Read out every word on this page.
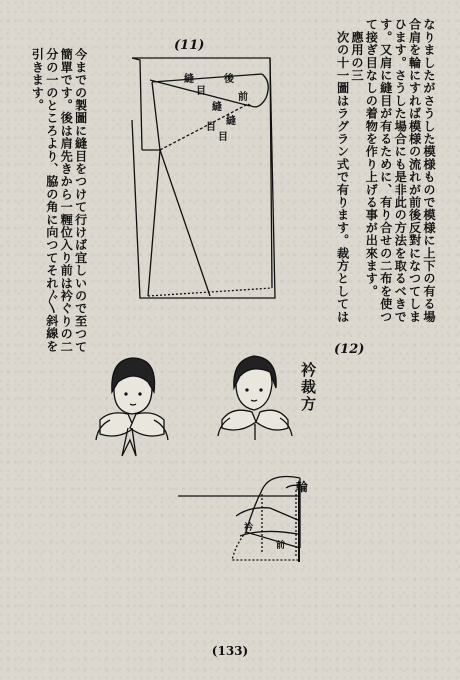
なりましたがさうした模様もので模様に上下の有る場
合肩を輪にすれば模様の流れが前後反對になつてしま
ひます。さうした場合にも是非此の方法を取るべきで
す。又肩に縫目が有るために、有り合せの二布を使つ
て接ぎ目なしの着物を作り上げる事が出來ます。
　應用の三
　次の十一圖はラグラン式で有ります。裁方としては
今までの製圖に縫目をつけて行けば宜しいので至つて
簡單です。後は肩先きから一糎位入り前は衿ぐりの二
分の一のところより、脇の角に向つてそれ〴〵斜線を
引きます。
(11)
縫
目
縫
目
後
前
縫
目
(12)
衿裁方
輪
衿
前
(133)
